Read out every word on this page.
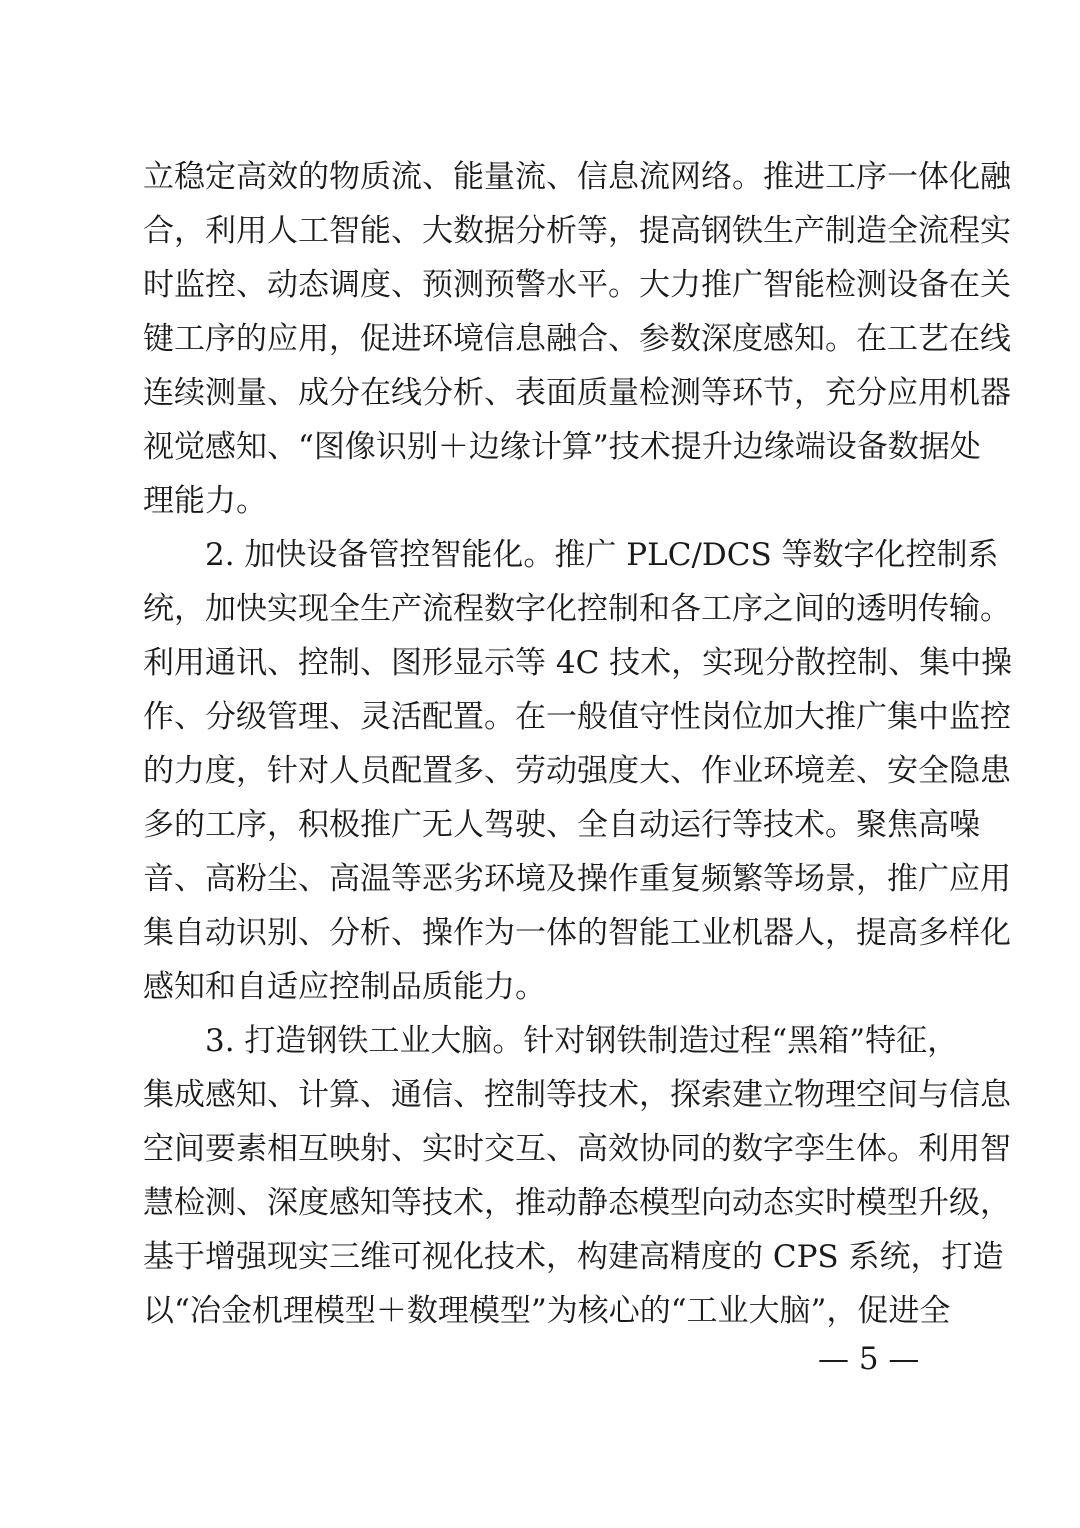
立稳定高效的物质流、能量流、信息流网络。推进工序一体化融
合，利用人工智能、大数据分析等，提高钢铁生产制造全流程实
时监控、动态调度、预测预警水平。大力推广智能检测设备在关
键工序的应用，促进环境信息融合、参数深度感知。在工艺在线
连续测量、成分在线分析、表面质量检测等环节，充分应用机器
视觉感知、“图像识别＋边缘计算”技术提升边缘端设备数据处
理能力。
2. 加快设备管控智能化。推广 PLC/DCS 等数字化控制系
统，加快实现全生产流程数字化控制和各工序之间的透明传输。
利用通讯、控制、图形显示等 4C 技术，实现分散控制、集中操
作、分级管理、灵活配置。在一般值守性岗位加大推广集中监控
的力度，针对人员配置多、劳动强度大、作业环境差、安全隐患
多的工序，积极推广无人驾驶、全自动运行等技术。聚焦高噪
音、高粉尘、高温等恶劣环境及操作重复频繁等场景，推广应用
集自动识别、分析、操作为一体的智能工业机器人，提高多样化
感知和自适应控制品质能力。
3. 打造钢铁工业大脑。针对钢铁制造过程“黑箱”特征，
集成感知、计算、通信、控制等技术，探索建立物理空间与信息
空间要素相互映射、实时交互、高效协同的数字孪生体。利用智
慧检测、深度感知等技术，推动静态模型向动态实时模型升级，
基于增强现实三维可视化技术，构建高精度的 CPS 系统，打造
以“冶金机理模型＋数理模型”为核心的“工业大脑”，促进全
— 5 —
